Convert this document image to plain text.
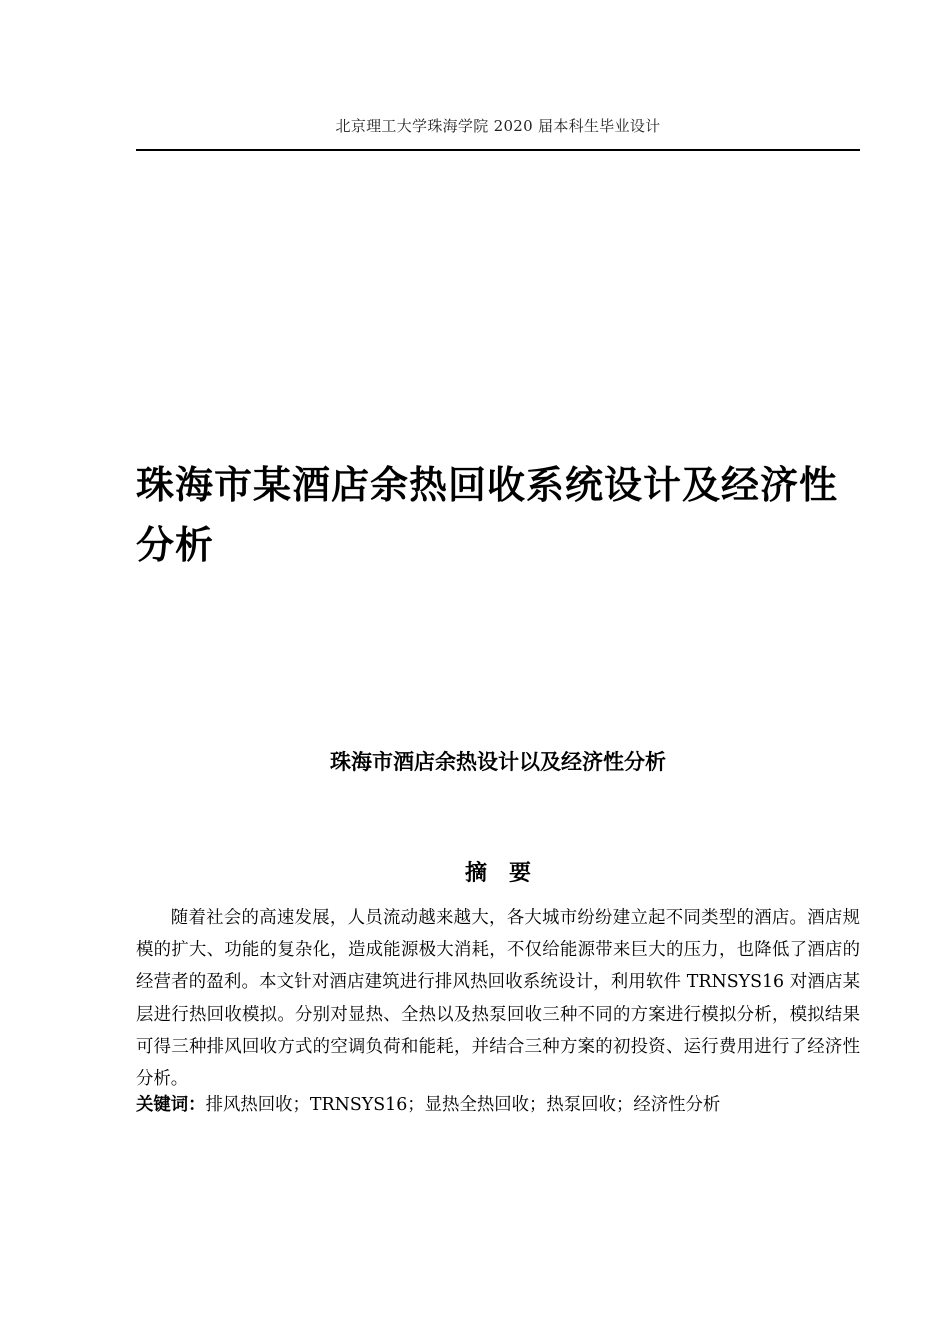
北京理工大学珠海学院 2020 届本科生毕业设计
珠海市某酒店余热回收系统设计及经济性分析
珠海市酒店余热设计以及经济性分析
摘　要

随着社会的高速发展，人员流动越来越大，各大城市纷纷建立起不同类型的酒店。酒店规模的扩大、功能的复杂化，造成能源极大消耗，不仅给能源带来巨大的压力，也降低了酒店的经营者的盈利。本文针对酒店建筑进行排风热回收系统设计，利用软件 TRNSYS16 对酒店某层进行热回收模拟。分别对显热、全热以及热泵回收三种不同的方案进行模拟分析，模拟结果可得三种排风回收方式的空调负荷和能耗，并结合三种方案的初投资、运行费用进行了经济性分析。

关键词：排风热回收；TRNSYS16；显热全热回收；热泵回收；经济性分析
